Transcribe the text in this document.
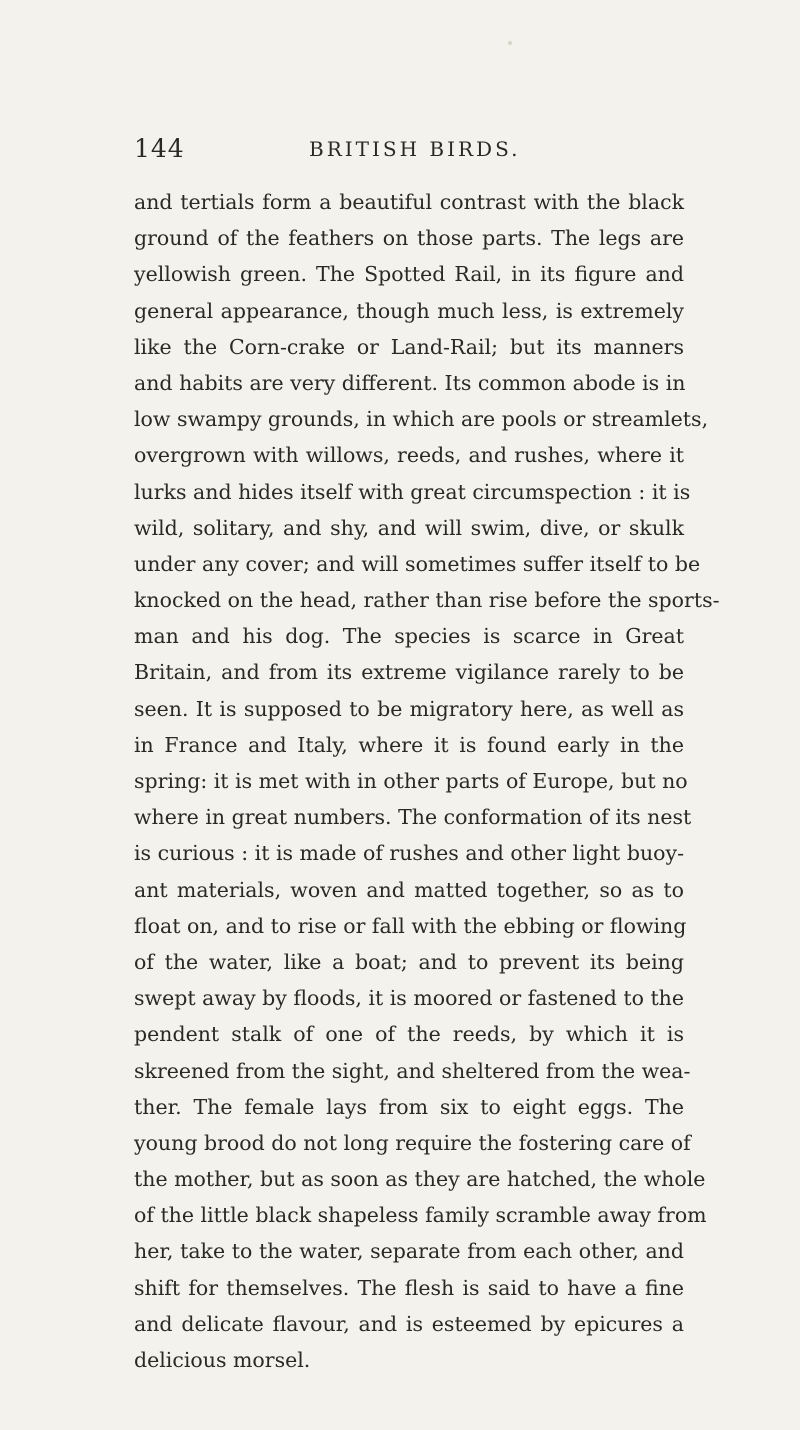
144	BRITISH BIRDS.
and tertials form a beautiful contrast with the black
ground of the feathers on those parts. The legs are
yellowish green. The Spotted Rail, in its figure and
general appearance, though much less, is extremely
like the Corn-crake or Land-Rail; but its manners
and habits are very different. Its common abode is in
low swampy grounds, in which are pools or streamlets,
overgrown with willows, reeds, and rushes, where it
lurks and hides itself with great circumspection : it is
wild, solitary, and shy, and will swim, dive, or skulk
under any cover; and will sometimes suffer itself to be
knocked on the head, rather than rise before the sports-
man and his dog. The species is scarce in Great
Britain, and from its extreme vigilance rarely to be
seen. It is supposed to be migratory here, as well as
in France and Italy, where it is found early in the
spring: it is met with in other parts of Europe, but no
where in great numbers. The conformation of its nest
is curious : it is made of rushes and other light buoy-
ant materials, woven and matted together, so as to
float on, and to rise or fall with the ebbing or flowing
of the water, like a boat; and to prevent its being
swept away by floods, it is moored or fastened to the
pendent stalk of one of the reeds, by which it is
skreened from the sight, and sheltered from the wea-
ther. The female lays from six to eight eggs. The
young brood do not long require the fostering care of
the mother, but as soon as they are hatched, the whole
of the little black shapeless family scramble away from
her, take to the water, separate from each other, and
shift for themselves. The flesh is said to have a fine
and delicate flavour, and is esteemed by epicures a
delicious morsel.
